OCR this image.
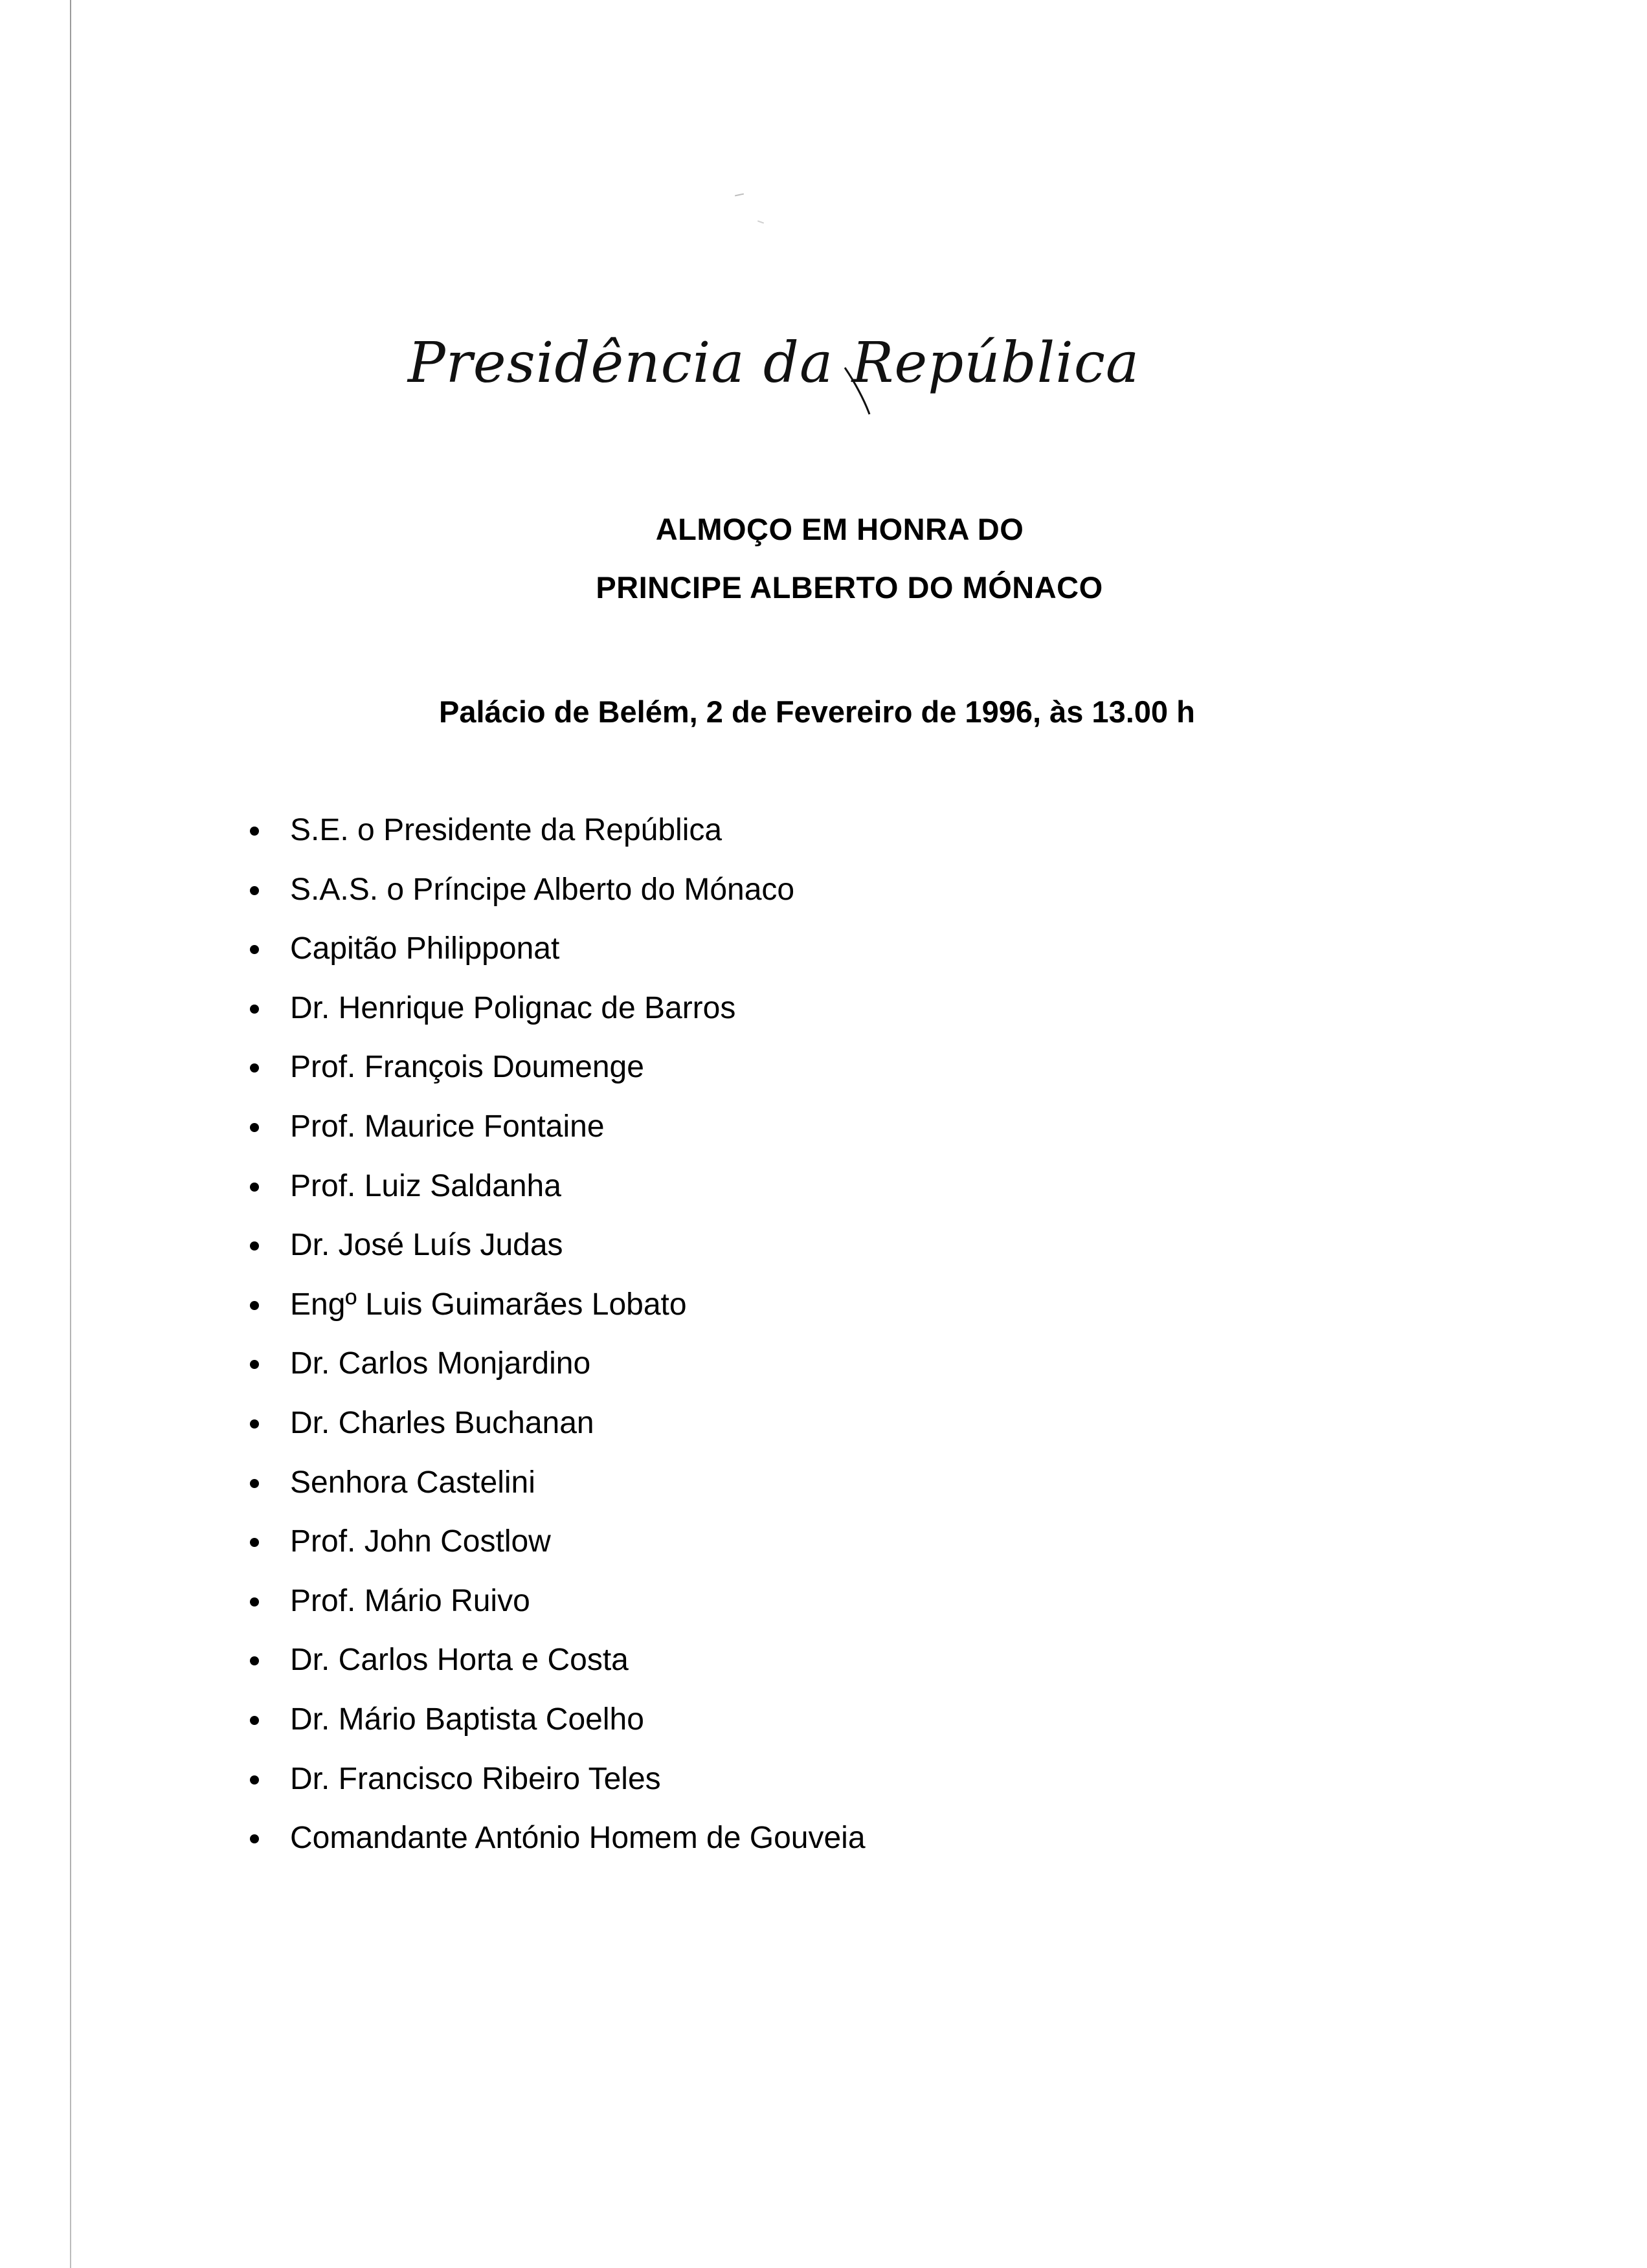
Presidência da República
ALMOÇO EM HONRA DO
PRINCIPE ALBERTO DO MÓNACO

Palácio de Belém, 2 de Fevereiro de 1996, às 13.00 h

S.E. o Presidente da República
S.A.S. o Príncipe Alberto do Mónaco
Capitão Philipponat
Dr. Henrique Polignac de Barros
Prof. François Doumenge
Prof. Maurice Fontaine
Prof. Luiz Saldanha
Dr. José Luís Judas
Engº Luis Guimarães Lobato
Dr. Carlos Monjardino
Dr. Charles Buchanan
Senhora Castelini
Prof. John Costlow
Prof. Mário Ruivo
Dr. Carlos Horta e Costa
Dr. Mário Baptista Coelho
Dr. Francisco Ribeiro Teles
Comandante António Homem de Gouveia
